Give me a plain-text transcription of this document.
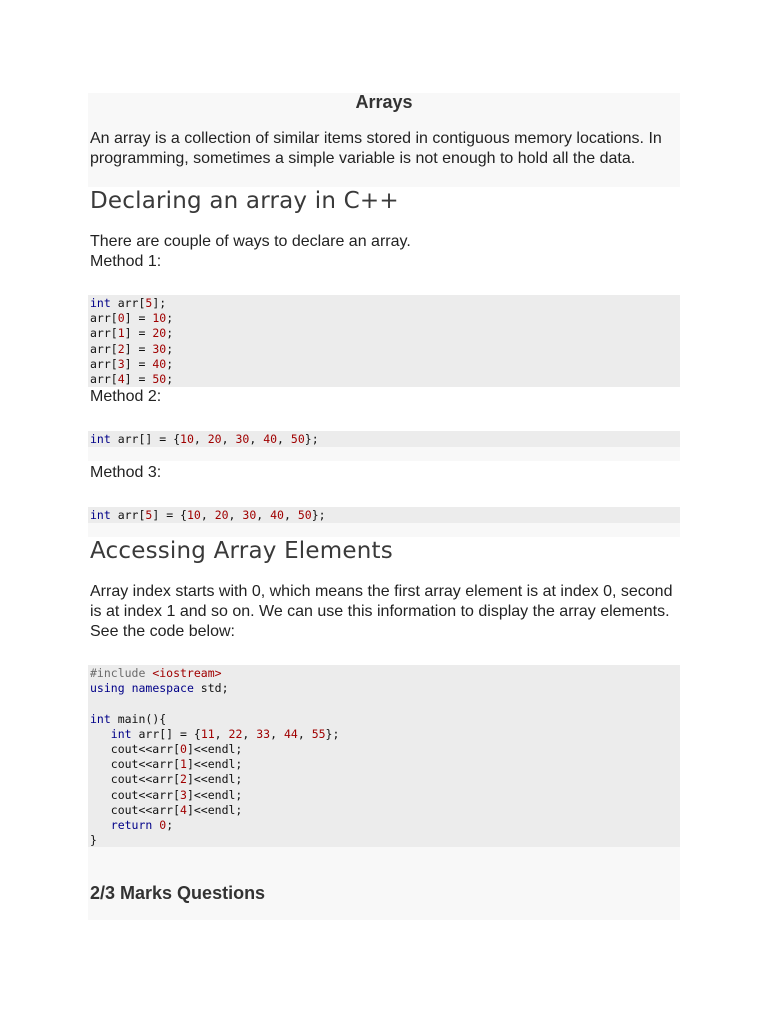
Arrays
An array is a collection of similar items stored in contiguous memory locations. In programming, sometimes a simple variable is not enough to hold all the data.
Declaring an array in C++
There are couple of ways to declare an array.
Method 1:
int arr[5];
arr[0] = 10;
arr[1] = 20;
arr[2] = 30;
arr[3] = 40;
arr[4] = 50;
Method 2:
int arr[] = {10, 20, 30, 40, 50};
Method 3:
int arr[5] = {10, 20, 30, 40, 50};
Accessing Array Elements
Array index starts with 0, which means the first array element is at index 0, second is at index 1 and so on. We can use this information to display the array elements. See the code below:
#include <iostream>
using namespace std;

int main(){
int arr[] = {11, 22, 33, 44, 55};
cout<<arr[0]<<endl;
cout<<arr[1]<<endl;
cout<<arr[2]<<endl;
cout<<arr[3]<<endl;
cout<<arr[4]<<endl;
return 0;
}
2/3 Marks Questions
